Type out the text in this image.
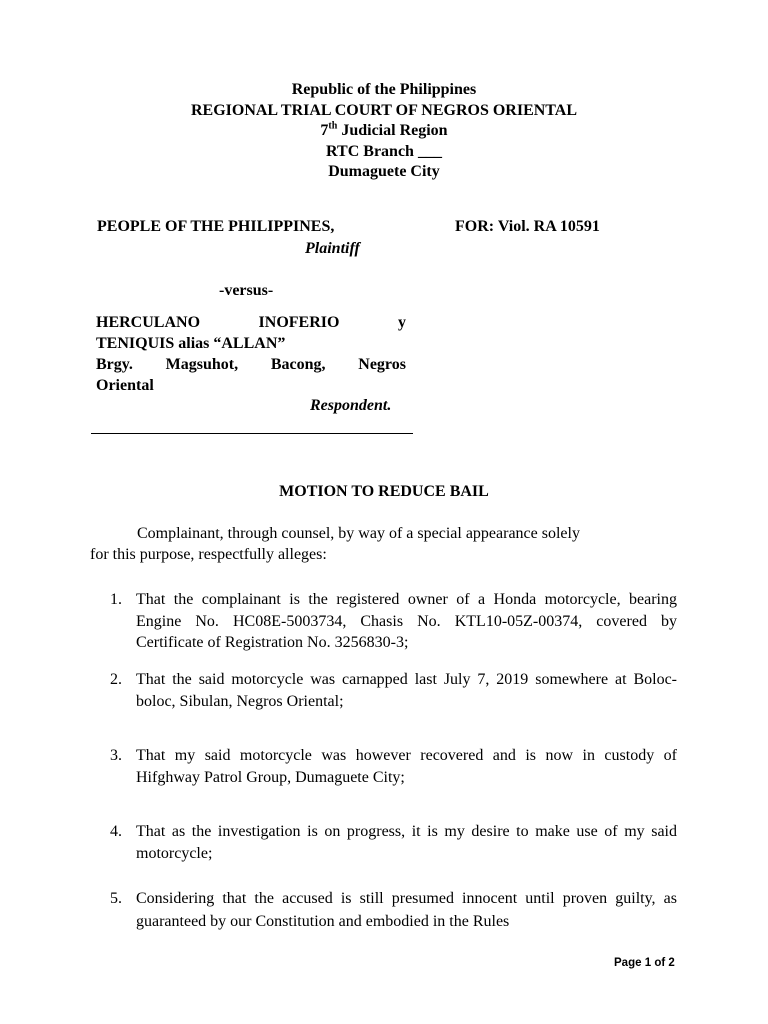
Republic of the Philippines
REGIONAL TRIAL COURT OF NEGROS ORIENTAL
7th Judicial Region
RTC Branch ___
Dumaguete City
PEOPLE OF THE PHILIPPINES,
Plaintiff
FOR: Viol. RA 10591
-versus-
HERCULANO	INOFERIO	y
TENIQUIS alias “ALLAN”
Brgy. Magsuhot, Bacong, Negros
Oriental
Respondent.
MOTION TO REDUCE BAIL
Complainant, through counsel, by way of a special appearance solely
for this purpose, respectfully alleges:
1. That the complainant is the registered owner of a Honda motorcycle, bearing Engine No. HC08E-5003734, Chasis No. KTL10-05Z-00374, covered by Certificate of Registration No. 3256830-3;
2. That the said motorcycle was carnapped last July 7, 2019 somewhere at Boloc-boloc, Sibulan, Negros Oriental;
3. That my said motorcycle was however recovered and is now in custody of Hifghway Patrol Group, Dumaguete City;
4. That as the investigation is on progress, it is my desire to make use of my said motorcycle;
5. Considering that the accused is still presumed innocent until proven guilty, as guaranteed by our Constitution and embodied in the Rules
Page 1 of 2
